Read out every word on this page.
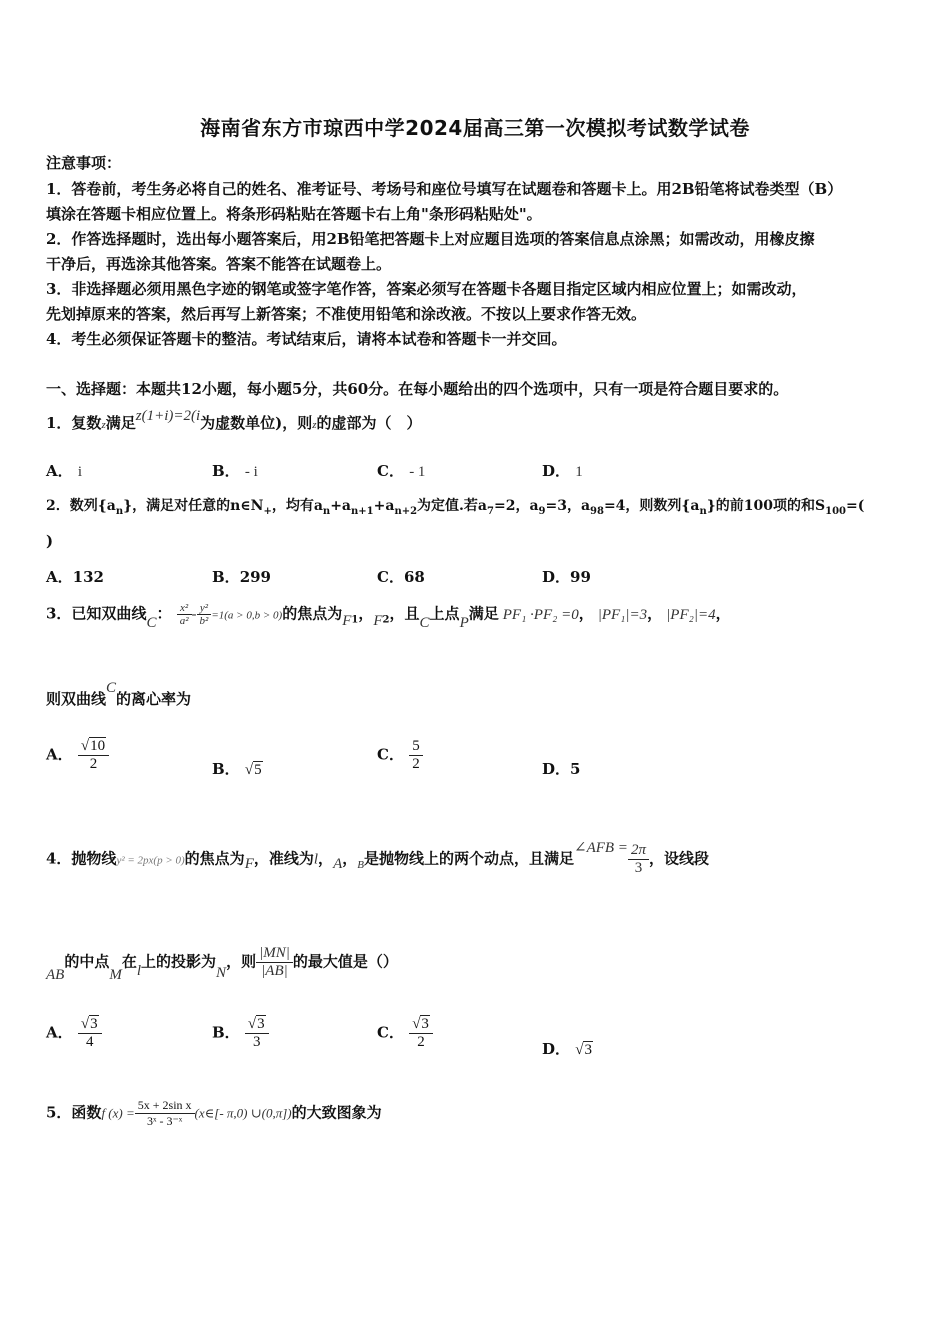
海南省东方市琼西中学2024届高三第一次模拟考试数学试卷
注意事项：
1．答卷前，考生务必将自己的姓名、准考证号、考场号和座位号填写在试题卷和答题卡上。用2B铅笔将试卷类型（B）
填涂在答题卡相应位置上。将条形码粘贴在答题卡右上角"条形码粘贴处"。
2．作答选择题时，选出每小题答案后，用2B铅笔把答题卡上对应题目选项的答案信息点涂黑；如需改动，用橡皮擦
干净后，再选涂其他答案。答案不能答在试题卷上。
3．非选择题必须用黑色字迹的钢笔或签字笔作答，答案必须写在答题卡各题目指定区域内相应位置上；如需改动，
先划掉原来的答案，然后再写上新答案；不准使用铅笔和涂改液。不按以上要求作答无效。
4．考生必须保证答题卡的整洁。考试结束后，请将本试卷和答题卡一并交回。
一、选择题：本题共12小题，每小题5分，共60分。在每小题给出的四个选项中，只有一项是符合题目要求的。
1．复数z满足z(1+i)=2(i为虚数单位)，则z的虚部为（　）
A． i	B． - i	C． - 1	D． 1
2．数列$\{a_n\}$，满足对任意的$n\in N_+$，均有$a_n+a_{n+1}+a_{n+2}$为定值.若$a_7=2$，$a_9=3$，$a_{98}=4$，则数列$\{a_n\}$的前100项的和$S_{100}=$(
)
A．132	B．299	C．68	D．99
3．已知双曲线C： $\frac{\text{x²}}{\text{a²}} - \frac{\text{y²}}{\text{b²}} =1(a > 0,b > 0)$的焦点为$F_1$，$F_2$，且C上点P满足 PF₁ ·PF₂ =0， |PF₁|=3， |PF₂|=4，
则双曲线C的离心率为
A． $\frac{√10}{2}$	B． √5
C． $\frac{5}{2}$	D．5
4．抛物线y² = 2px(p > 0)的焦点为F，准线为l，A，$_B$是抛物线上的两个动点，且满足∠AFB = $\frac{2\pi}{3}$ ，设线段
AB的中点M在l上的投影为N，则 $\frac{|MN|}{|AB|}$ 的最大值是（）
A． $\frac{√3}{4}$	B． $\frac{√3}{3}$	C． $\frac{√3}{2}$	D． √3
5．函数f $(x) = \frac{\text{5x + 2sin x}}{\text{3ˣ - 3⁻ˣ}}$ (x∈[- π,0) ∪(0,π])的大致图象为
